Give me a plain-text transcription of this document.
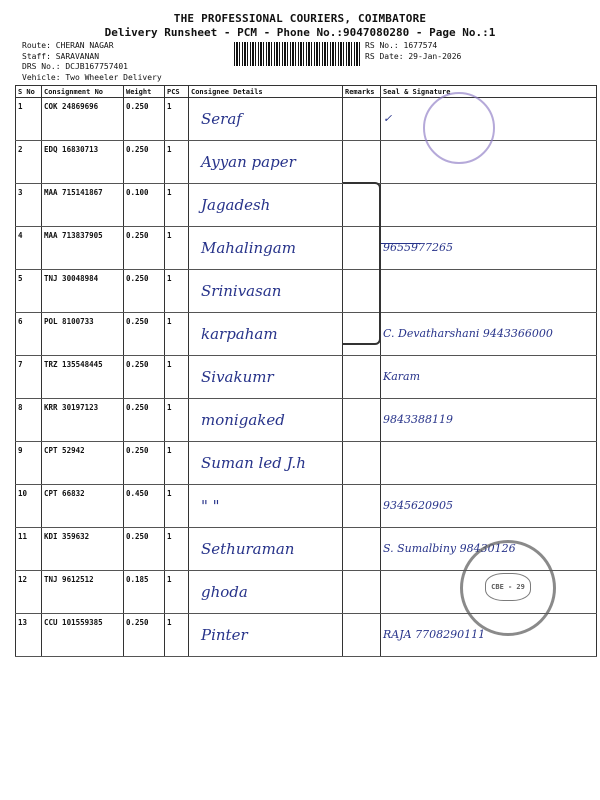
THE PROFESSIONAL COURIERS, COIMBATORE
Delivery Runsheet - PCM - Phone No.:9047080280 - Page No.:1
Route: CHERAN NAGAR
Staff: SARAVANAN
DRS No.: DCJB167757401
Vehicle: Two Wheeler Delivery
RS No.: 1677574
RS Date: 29-Jan-2026
S No	Consignment No	Weight	PCS	Consignee Details	Remarks	Seal & Signature
1	COK 24869696	0.250	1	Seraf		✓
2	EDQ 16830713	0.250	1	Ayyan paper		
3	MAA 715141867	0.100	1	Jagadesh		
4	MAA 713837905	0.250	1	Mahalingam		9655977265
5	TNJ 30048984	0.250	1	Srinivasan		
6	POL 8100733	0.250	1	karpaham		C. Devatharshani 9443366000
7	TRZ 135548445	0.250	1	Sivakumr		Karam
8	KRR 30197123	0.250	1	monigaked		9843388119
9	CPT 52942	0.250	1	Suman led J.h		
10	CPT 66832	0.450	1	" "		9345620905
11	KDI 359632	0.250	1	Sethuraman		S. Sumalbiny 98430126
12	TNJ 9612512	0.185	1	ghoda		
13	CCU 101559385	0.250	1	Pinter		RAJA 7708290111
CBE - 29
